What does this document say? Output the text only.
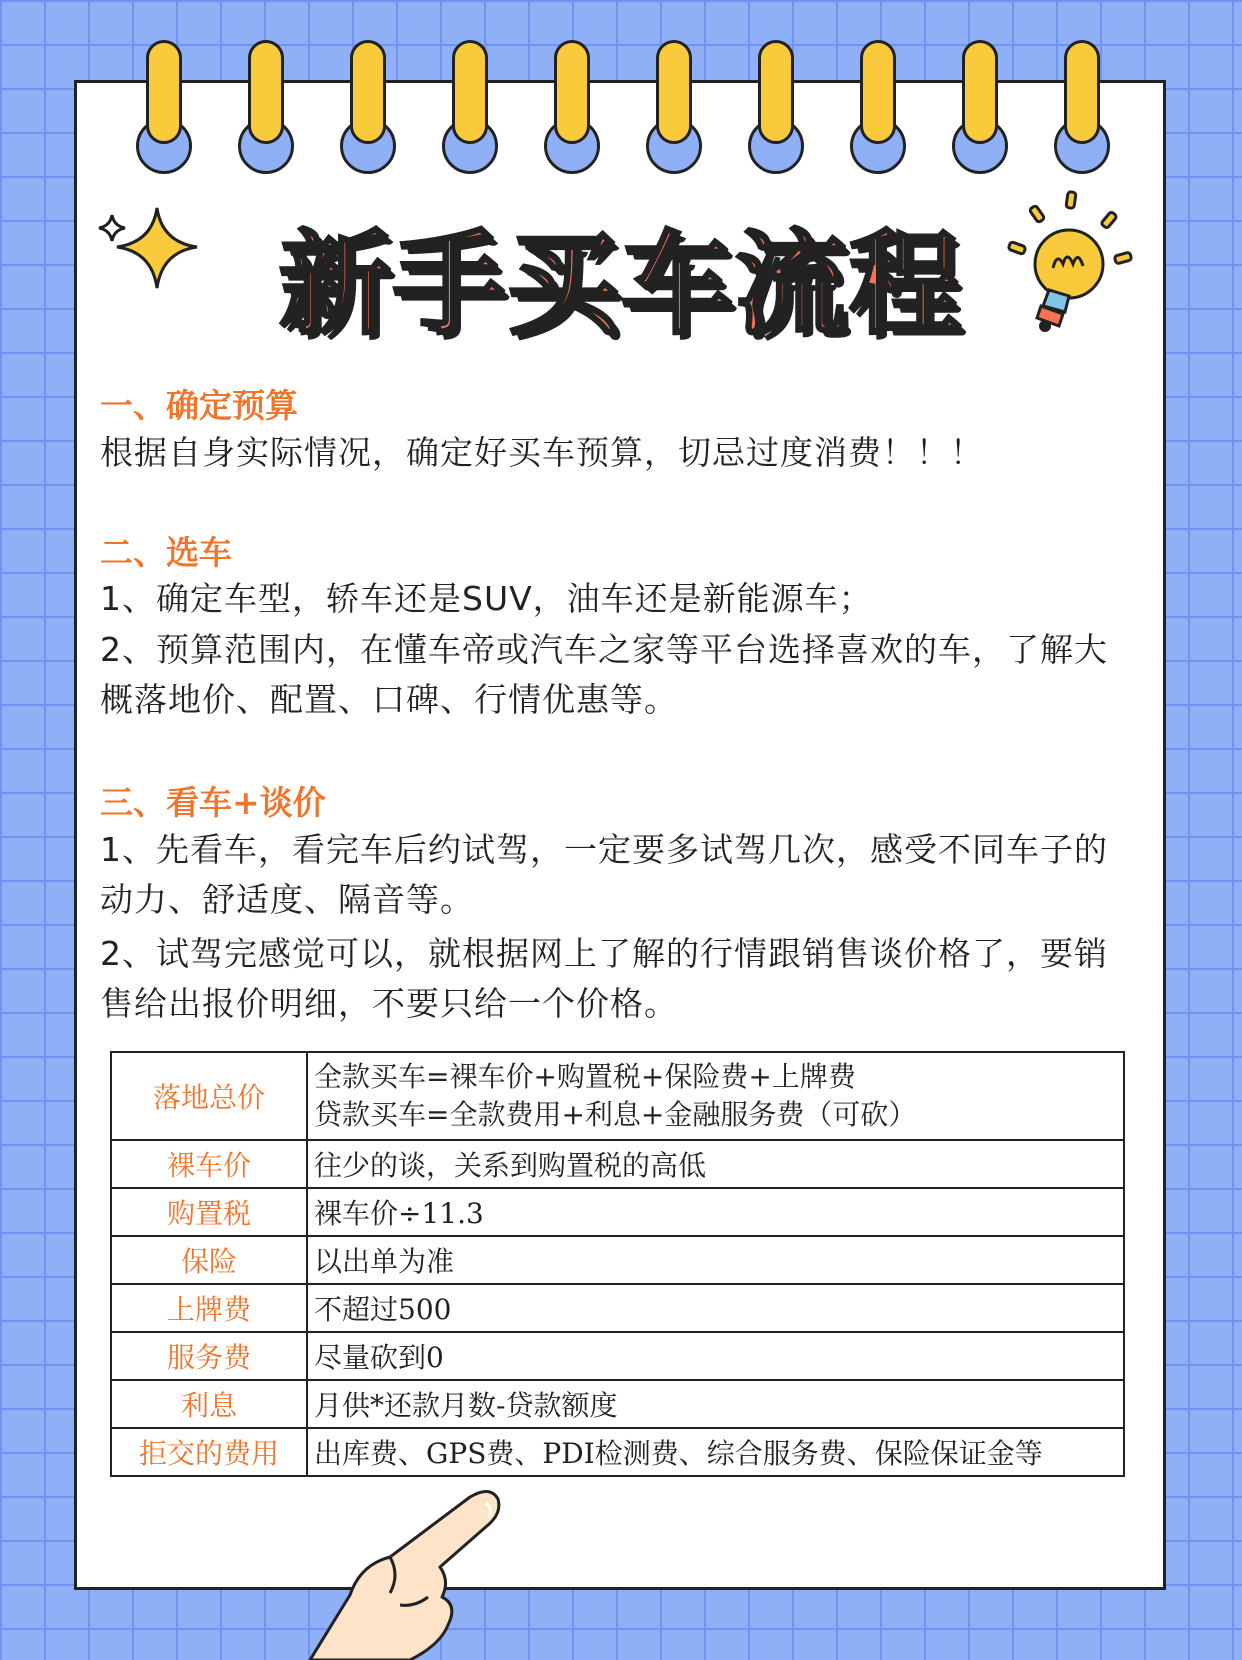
新手买车流程
一、确定预算
根据自身实际情况，确定好买车预算，切忌过度消费！！！
二、选车
1、确定车型，轿车还是SUV，油车还是新能源车；
2、预算范围内，在懂车帝或汽车之家等平台选择喜欢的车，了解大概落地价、配置、口碑、行情优惠等。
三、看车+谈价
1、先看车，看完车后约试驾，一定要多试驾几次，感受不同车子的动力、舒适度、隔音等。
2、试驾完感觉可以，就根据网上了解的行情跟销售谈价格了，要销售给出报价明细，不要只给一个价格。
落地总价	全款买车=裸车价+购置税+保险费+上牌费
贷款买车=全款费用+利息+金融服务费（可砍）

裸车价	往少的谈，关系到购置税的高低
购置税	裸车价÷11.3
保险	以出单为准
上牌费	不超过500
服务费	尽量砍到0
利息	月供*还款月数-贷款额度
拒交的费用	出库费、GPS费、PDI检测费、综合服务费、保险保证金等
